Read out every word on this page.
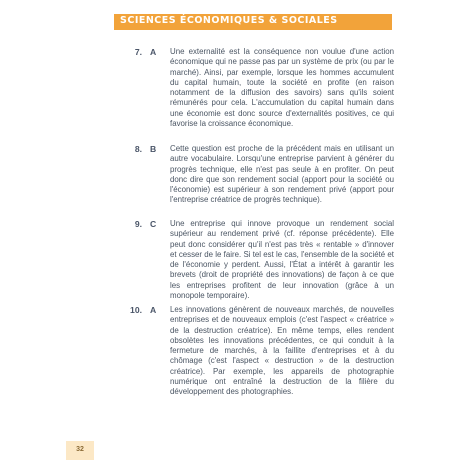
SCIENCES ÉCONOMIQUES & SOCIALES
7. A	Une externalité est la conséquence non voulue d'une action économique qui ne passe pas par un système de prix (ou par le marché). Ainsi, par exemple, lorsque les hommes accumulent du capital humain, toute la société en profite (en raison notamment de la diffusion des savoirs) sans qu'ils soient rémunérés pour cela. L'accumulation du capital humain dans une économie est donc source d'externalités positives, ce qui favorise la croissance économique.
8. B	Cette question est proche de la précédent mais en utilisant un autre vocabulaire. Lorsqu'une entreprise parvient à générer du progrès technique, elle n'est pas seule à en profiter. On peut donc dire que son rendement social (apport pour la société ou l'économie) est supérieur à son rendement privé (apport pour l'entreprise créatrice de progrès technique).
9. C	Une entreprise qui innove provoque un rendement social supérieur au rendement privé (cf. réponse précédente). Elle peut donc considérer qu'il n'est pas très « rentable » d'innover et cesser de le faire. Si tel est le cas, l'ensemble de la société et de l'économie y perdent. Aussi, l'État a intérêt à garantir les brevets (droit de propriété des innovations) de façon à ce que les entreprises profitent de leur innovation (grâce à un monopole temporaire).
10. A	Les innovations génèrent de nouveaux marchés, de nouvelles entreprises et de nouveaux emplois (c'est l'aspect « créatrice » de la destruction créatrice). En même temps, elles rendent obsolètes les innovations précédentes, ce qui conduit à la fermeture de marchés, à la faillite d'entreprises et à du chômage (c'est l'aspect « destruction » de la destruction créatrice). Par exemple, les appareils de photographie numérique ont entraîné la destruction de la filière du développement des photographies.
32
